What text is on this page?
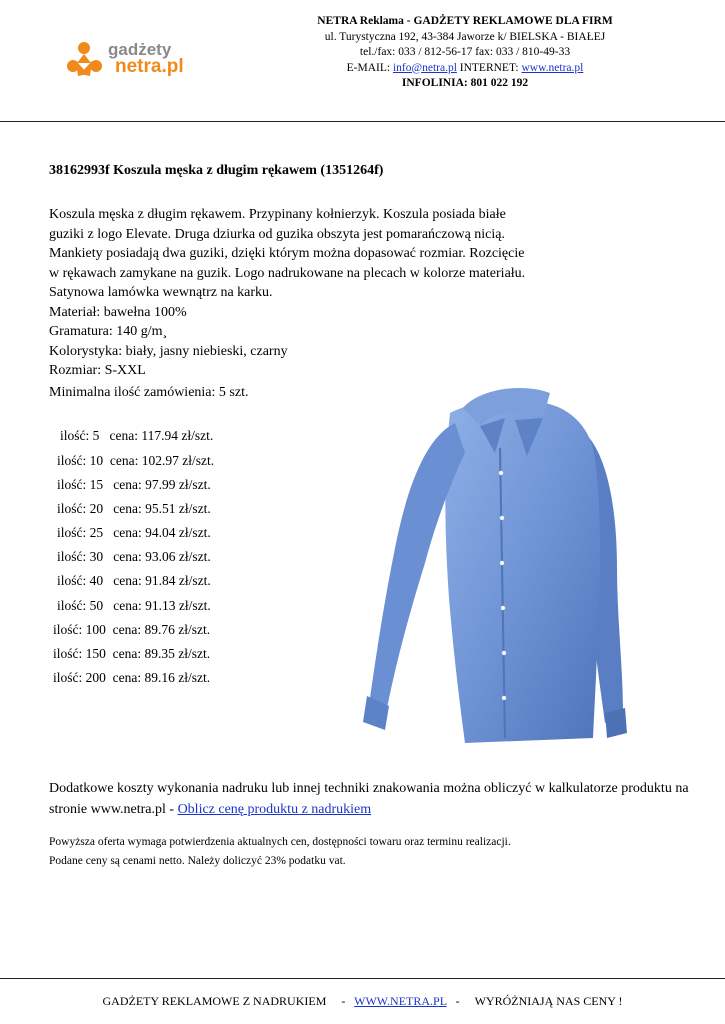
gadżety
netra.pl
NETRA Reklama - GADŻETY REKLAMOWE DLA FIRM
ul. Turystyczna 192, 43-384 Jaworze k/ BIELSKA - BIAŁEJ
tel./fax: 033 / 812-56-17 fax: 033 / 810-49-33
E-MAIL: info@netra.pl INTERNET: www.netra.pl
INFOLINIA: 801 022 192
38162993f Koszula męska z długim rękawem (1351264f)

Koszula męska z długim rękawem. Przypinany kołnierzyk. Koszula posiada białe

guziki z logo Elevate. Druga dziurka od guzika obszyta jest pomarańczową nicią.

Mankiety posiadają dwa guziki, dzięki którym można dopasować rozmiar. Rozcięcie

w rękawach zamykane na guzik. Logo nadrukowane na plecach w kolorze materiału.

Satynowa lamówka wewnątrz na karku.

Materiał: bawełna 100%

Gramatura: 140 g/m¸

Kolorystyka: biały, jasny niebieski, czarny

Rozmiar: S-XXL

Minimalna ilość zamówienia: 5 szt.
ilość: 5 cena: 117.94 zł/szt.
ilość: 10 cena: 102.97 zł/szt.
ilość: 15 cena: 97.99 zł/szt.
ilość: 20 cena: 95.51 zł/szt.
ilość: 25 cena: 94.04 zł/szt.
ilość: 30 cena: 93.06 zł/szt.
ilość: 40 cena: 91.84 zł/szt.
ilość: 50 cena: 91.13 zł/szt.
ilość: 100 cena: 89.76 zł/szt.
ilość: 150 cena: 89.35 zł/szt.
ilość: 200 cena: 89.16 zł/szt.
Dodatkowe koszty wykonania nadruku lub innej techniki znakowania można obliczyć w kalkulatorze produktu na stronie www.netra.pl - Oblicz cenę produktu z nadrukiem
Powyższa oferta wymaga potwierdzenia aktualnych cen, dostępności towaru oraz terminu realizacji.
Podane ceny są cenami netto. Należy doliczyć 23% podatku vat.
GADŻETY REKLAMOWE Z NADRUKIEM - WWW.NETRA.PL - WYRÓŻNIAJĄ NAS CENY !
